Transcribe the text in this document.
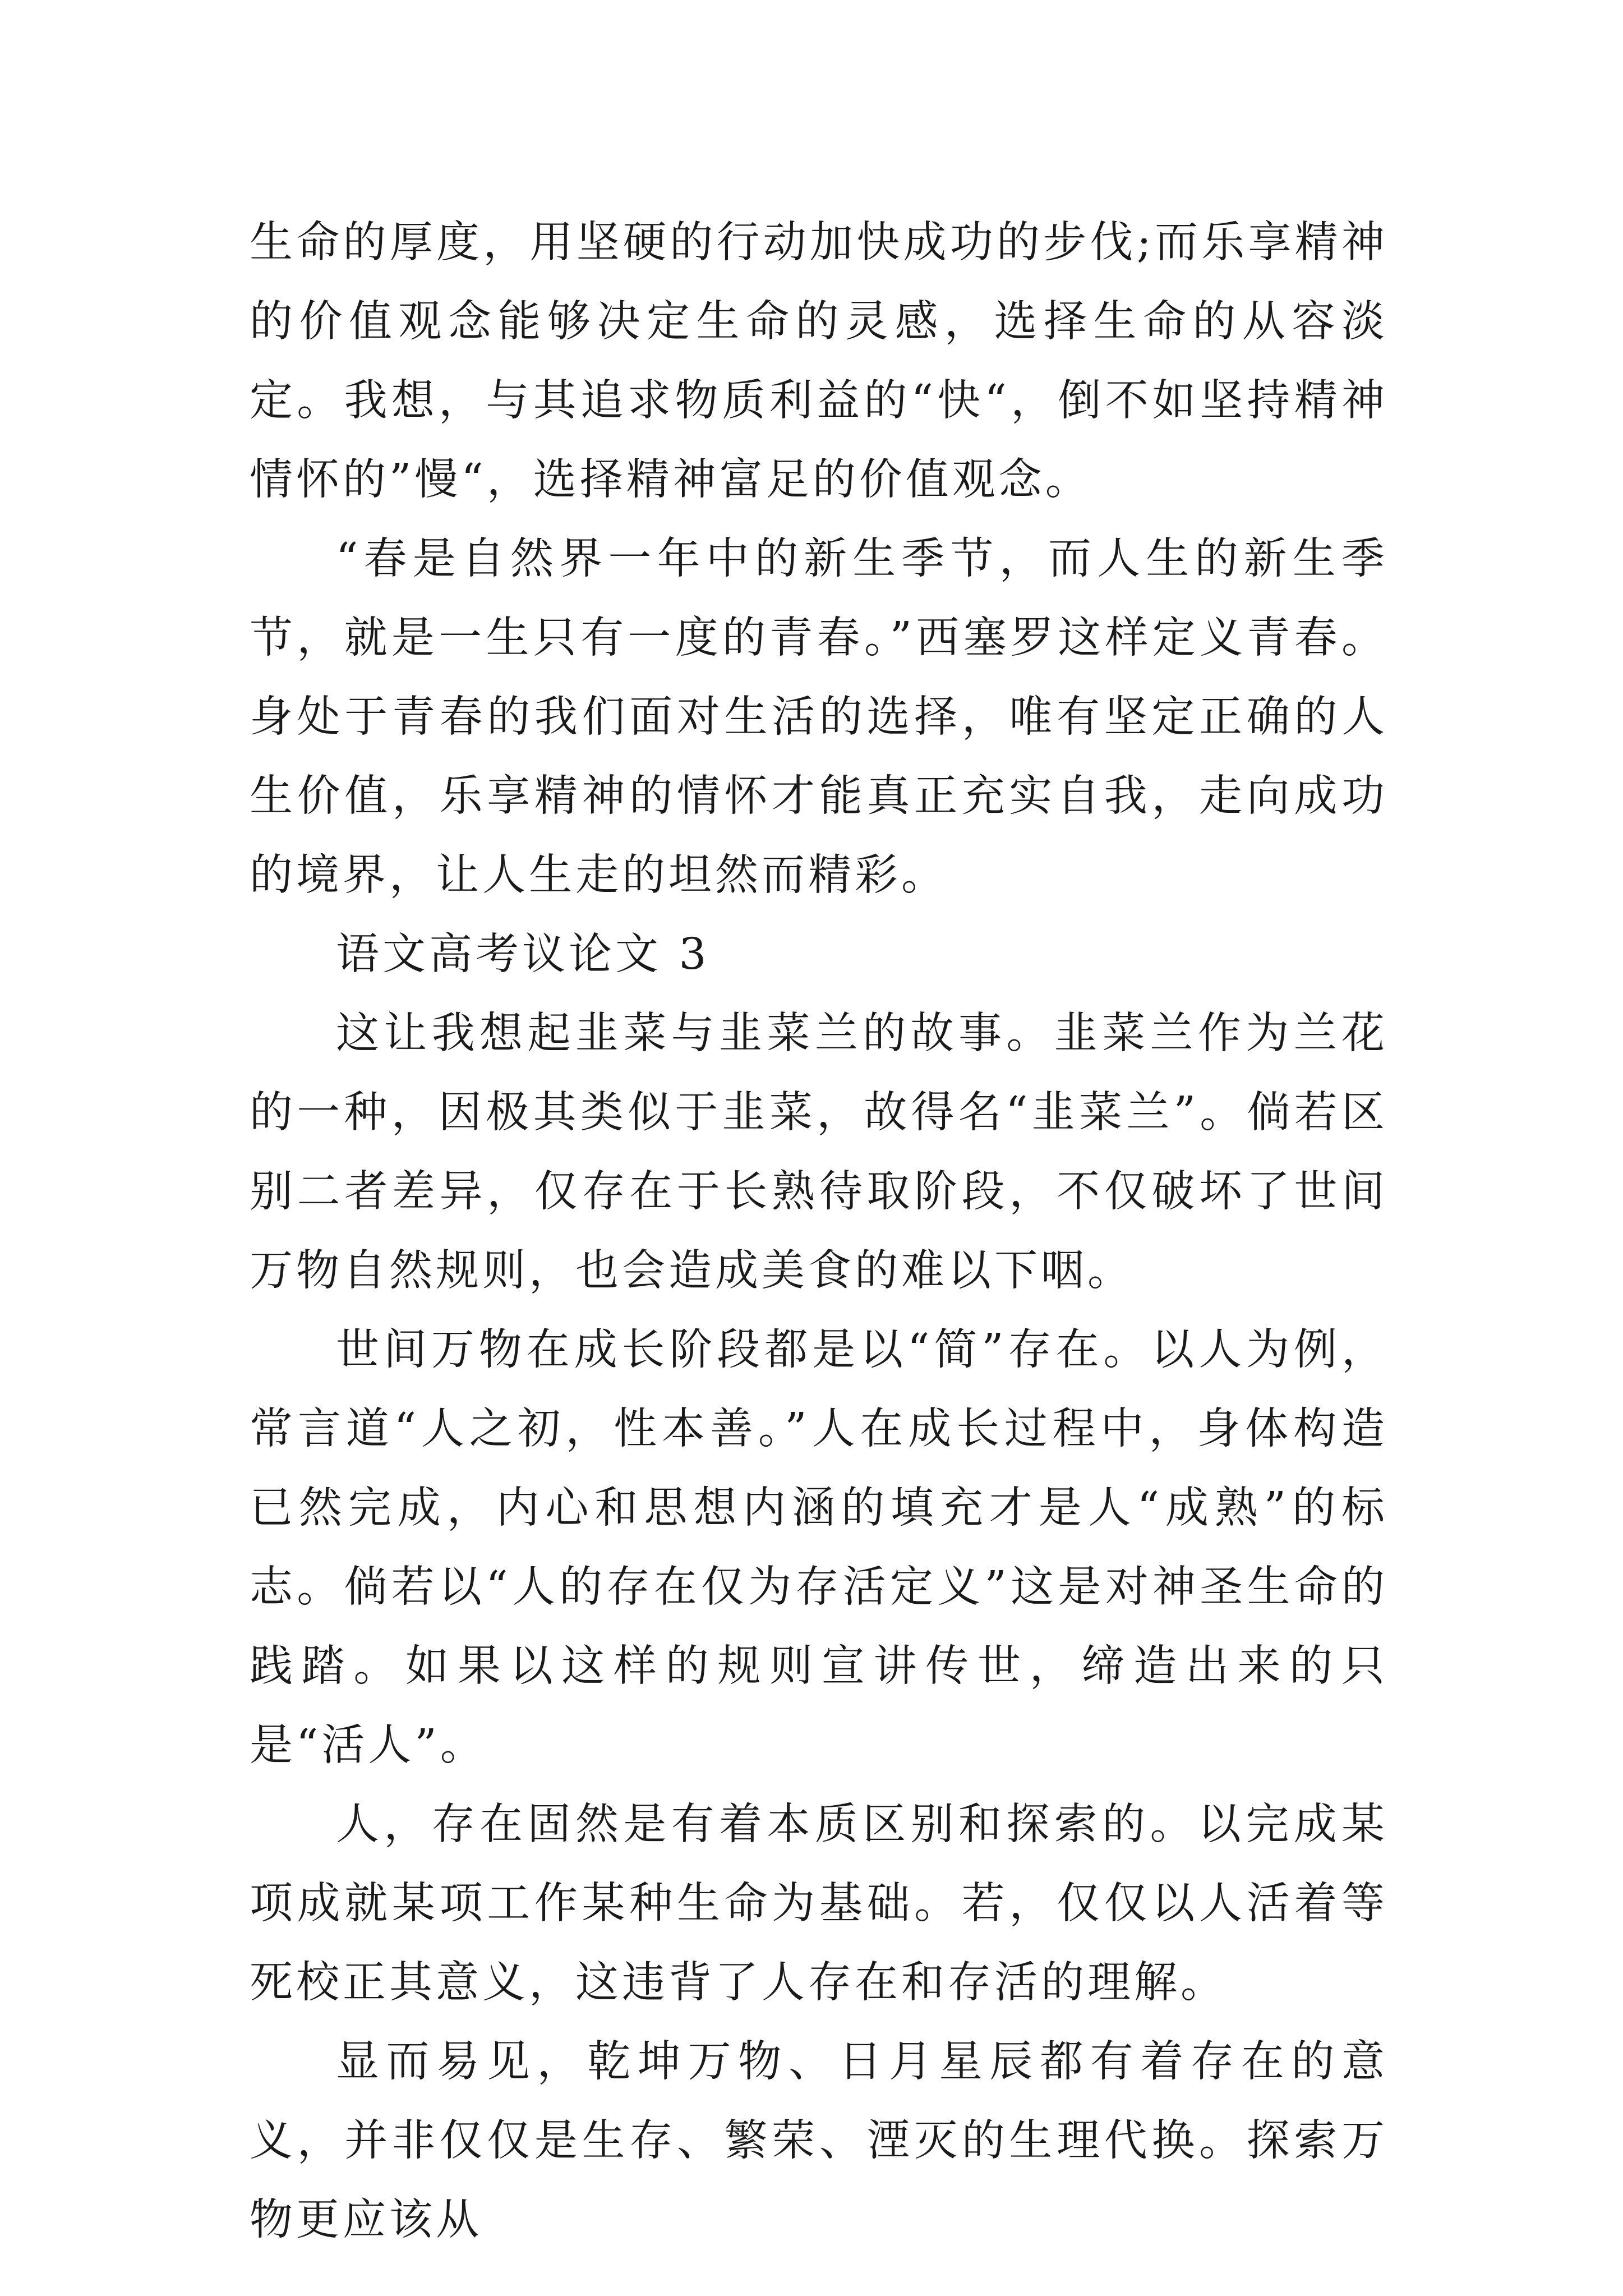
生命的厚度，用坚硬的行动加快成功的步伐;而乐享精神的价值观念能够决定生命的灵感，选择生命的从容淡定。我想，与其追求物质利益的“快“，倒不如坚持精神情怀的”慢“，选择精神富足的价值观念。

“春是自然界一年中的新生季节，而人生的新生季节，就是一生只有一度的青春。”西塞罗这样定义青春。身处于青春的我们面对生活的选择，唯有坚定正确的人生价值，乐享精神的情怀才能真正充实自我，走向成功的境界，让人生走的坦然而精彩。

语文高考议论文 3

这让我想起韭菜与韭菜兰的故事。韭菜兰作为兰花的一种，因极其类似于韭菜，故得名“韭菜兰”。倘若区别二者差异，仅存在于长熟待取阶段，不仅破坏了世间万物自然规则，也会造成美食的难以下咽。

世间万物在成长阶段都是以“简”存在。以人为例，常言道“人之初，性本善。”人在成长过程中，身体构造已然完成，内心和思想内涵的填充才是人“成熟”的标志。倘若以“人的存在仅为存活定义”这是对神圣生命的践踏。如果以这样的规则宣讲传世，缔造出来的只是“活人”。

人，存在固然是有着本质区别和探索的。以完成某项成就某项工作某种生命为基础。若，仅仅以人活着等死校正其意义，这违背了人存在和存活的理解。

显而易见，乾坤万物、日月星辰都有着存在的意义，并非仅仅是生存、繁荣、湮灭的生理代换。探索万物更应该从
